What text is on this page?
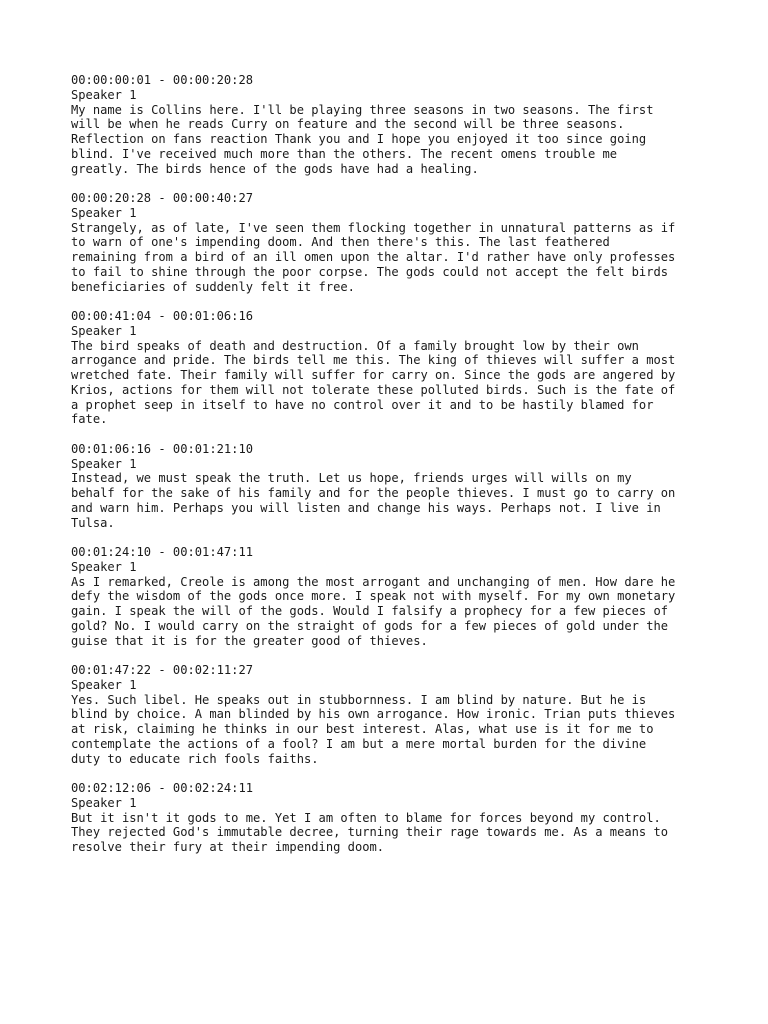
00:00:00:01 - 00:00:20:28
Speaker 1
My name is Collins here. I'll be playing three seasons in two seasons. The first
will be when he reads Curry on feature and the second will be three seasons.
Reflection on fans reaction Thank you and I hope you enjoyed it too since going
blind. I've received much more than the others. The recent omens trouble me
greatly. The birds hence of the gods have had a healing.
00:00:20:28 - 00:00:40:27
Speaker 1
Strangely, as of late, I've seen them flocking together in unnatural patterns as if
to warn of one's impending doom. And then there's this. The last feathered
remaining from a bird of an ill omen upon the altar. I'd rather have only professes
to fail to shine through the poor corpse. The gods could not accept the felt birds
beneficiaries of suddenly felt it free.
00:00:41:04 - 00:01:06:16
Speaker 1
The bird speaks of death and destruction. Of a family brought low by their own
arrogance and pride. The birds tell me this. The king of thieves will suffer a most
wretched fate. Their family will suffer for carry on. Since the gods are angered by
Krios, actions for them will not tolerate these polluted birds. Such is the fate of
a prophet seep in itself to have no control over it and to be hastily blamed for
fate.
00:01:06:16 - 00:01:21:10
Speaker 1
Instead, we must speak the truth. Let us hope, friends urges will wills on my
behalf for the sake of his family and for the people thieves. I must go to carry on
and warn him. Perhaps you will listen and change his ways. Perhaps not. I live in
Tulsa.
00:01:24:10 - 00:01:47:11
Speaker 1
As I remarked, Creole is among the most arrogant and unchanging of men. How dare he
defy the wisdom of the gods once more. I speak not with myself. For my own monetary
gain. I speak the will of the gods. Would I falsify a prophecy for a few pieces of
gold? No. I would carry on the straight of gods for a few pieces of gold under the
guise that it is for the greater good of thieves.
00:01:47:22 - 00:02:11:27
Speaker 1
Yes. Such libel. He speaks out in stubbornness. I am blind by nature. But he is
blind by choice. A man blinded by his own arrogance. How ironic. Trian puts thieves
at risk, claiming he thinks in our best interest. Alas, what use is it for me to
contemplate the actions of a fool? I am but a mere mortal burden for the divine
duty to educate rich fools faiths.
00:02:12:06 - 00:02:24:11
Speaker 1
But it isn't it gods to me. Yet I am often to blame for forces beyond my control.
They rejected God's immutable decree, turning their rage towards me. As a means to
resolve their fury at their impending doom.
